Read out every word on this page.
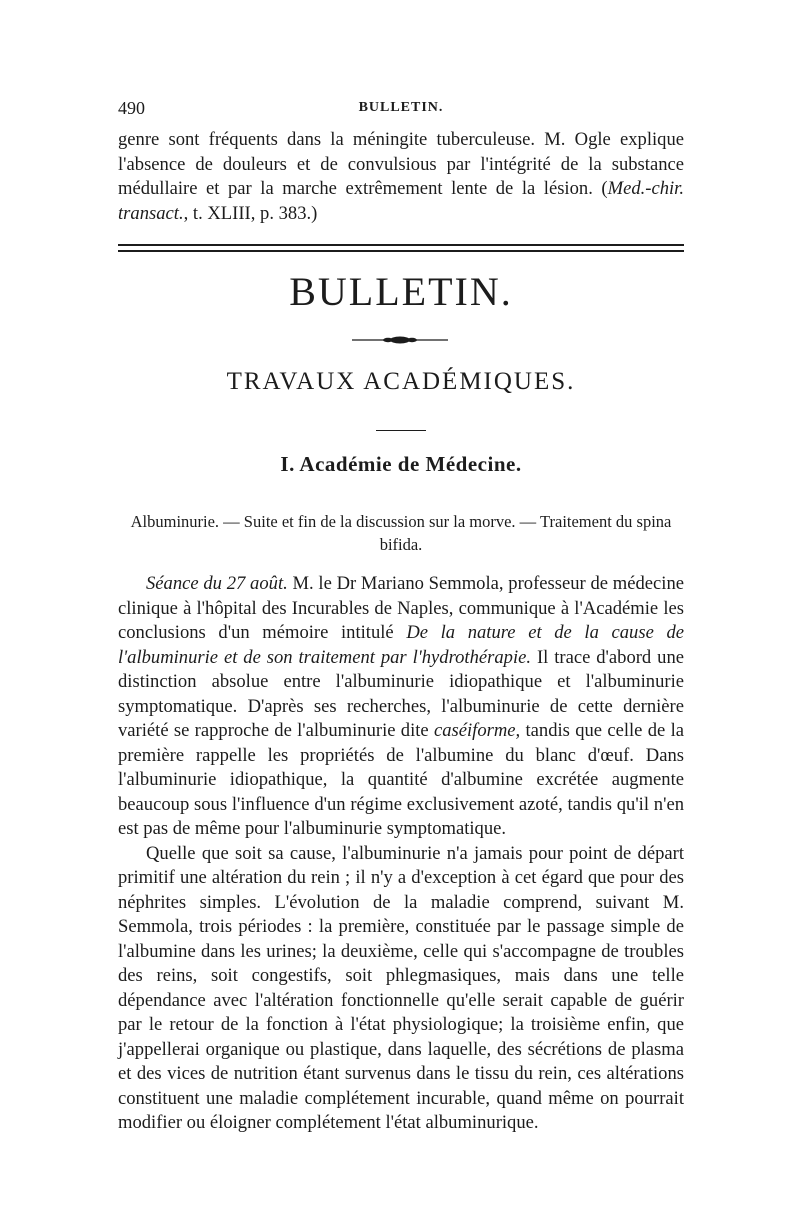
490	BULLETIN.

genre sont fréquents dans la méningite tuberculeuse. M. Ogle explique l'absence de douleurs et de convulsious par l'intégrité de la substance médullaire et par la marche extrêmement lente de la lésion. (Med.-chir. transact., t. XLIII, p. 383.)

BULLETIN.
TRAVAUX ACADÉMIQUES.
I. Académie de Médecine.
Albuminurie. — Suite et fin de la discussion sur la morve. — Traitement du spina bifida.

Séance du 27 août. M. le Dr Mariano Semmola, professeur de médecine clinique à l'hôpital des Incurables de Naples, communique à l'Académie les conclusions d'un mémoire intitulé De la nature et de la cause de l'albuminurie et de son traitement par l'hydrothérapie. Il trace d'abord une distinction absolue entre l'albuminurie idiopathique et l'albuminurie symptomatique. D'après ses recherches, l'albuminurie de cette dernière variété se rapproche de l'albuminurie dite caséiforme, tandis que celle de la première rappelle les propriétés de l'albumine du blanc d'œuf. Dans l'albuminurie idiopathique, la quantité d'albumine excrétée augmente beaucoup sous l'influence d'un régime exclusivement azoté, tandis qu'il n'en est pas de même pour l'albuminurie symptomatique.

Quelle que soit sa cause, l'albuminurie n'a jamais pour point de départ primitif une altération du rein ; il n'y a d'exception à cet égard que pour des néphrites simples. L'évolution de la maladie comprend, suivant M. Semmola, trois périodes : la première, constituée par le passage simple de l'albumine dans les urines; la deuxième, celle qui s'accompagne de troubles des reins, soit congestifs, soit phlegmasiques, mais dans une telle dépendance avec l'altération fonctionnelle qu'elle serait capable de guérir par le retour de la fonction à l'état physiologique; la troisième enfin, que j'appellerai organique ou plastique, dans laquelle, des sécrétions de plasma et des vices de nutrition étant survenus dans le tissu du rein, ces altérations constituent une maladie complétement incurable, quand même on pourrait modifier ou éloigner complétement l'état albuminurique.
